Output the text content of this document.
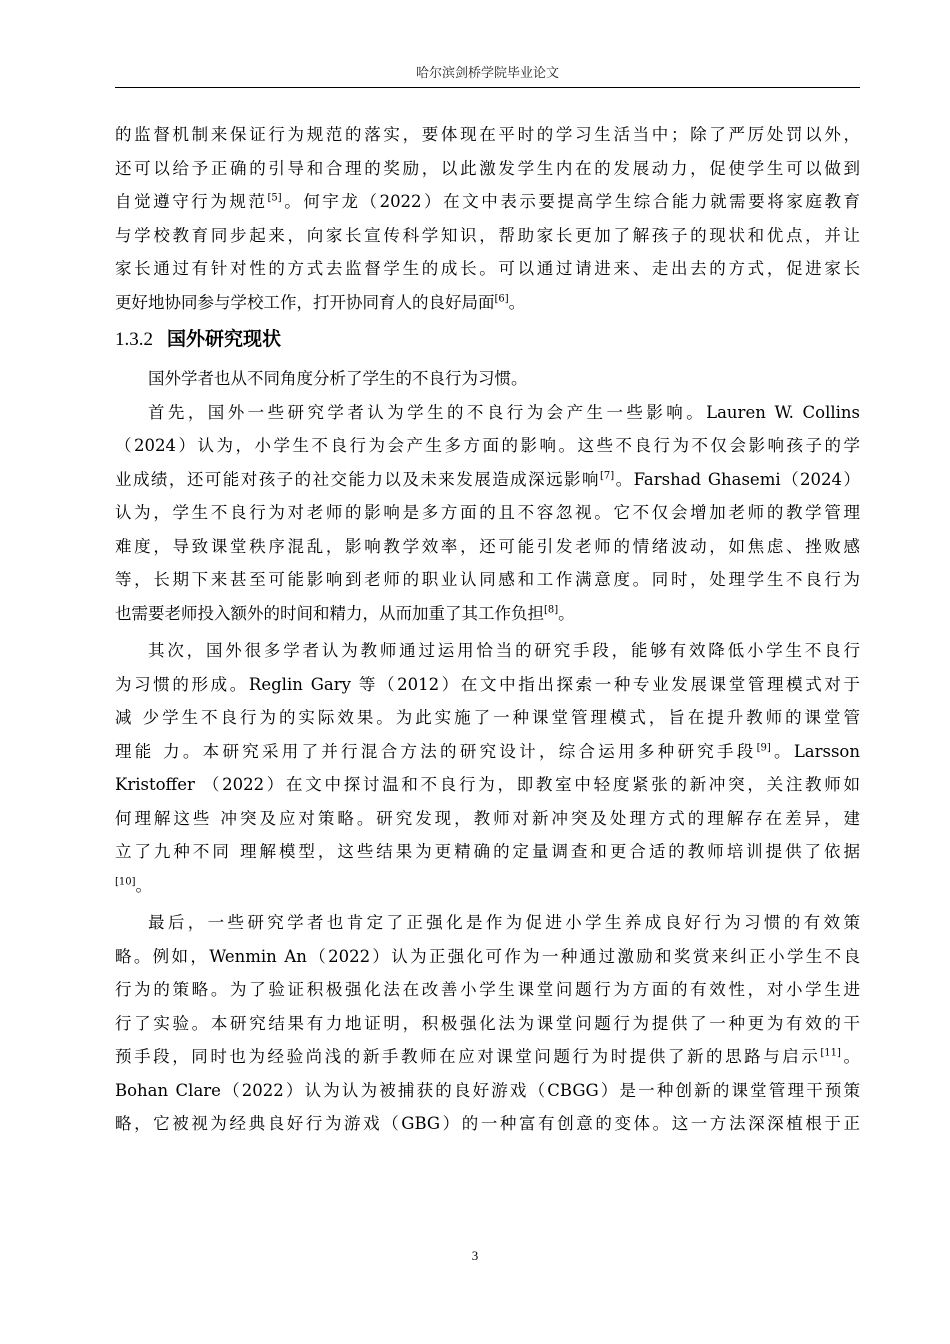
哈尔滨剑桥学院毕业论文
的监督机制来保证行为规范的落实，要体现在平时的学习生活当中；除了严厉处罚以外，
还可以给予正确的引导和合理的奖励，以此激发学生内在的发展动力，促使学生可以做到
自觉遵守行为规范[5]。何宇龙（2022）在文中表示要提高学生综合能力就需要将家庭教育
与学校教育同步起来，向家长宣传科学知识，帮助家长更加了解孩子的现状和优点，并让
家长通过有针对性的方式去监督学生的成长。可以通过请进来、走出去的方式，促进家长
更好地协同参与学校工作，打开协同育人的良好局面[6]。
1.3.2 国外研究现状
国外学者也从不同角度分析了学生的不良行为习惯。
首先，国外一些研究学者认为学生的不良行为会产生一些影响。Lauren W. Collins
（2024）认为，小学生不良行为会产生多方面的影响。这些不良行为不仅会影响孩子的学
业成绩，还可能对孩子的社交能力以及未来发展造成深远影响[7]。Farshad Ghasemi（2024）
认为，学生不良行为对老师的影响是多方面的且不容忽视。它不仅会增加老师的教学管理
难度，导致课堂秩序混乱，影响教学效率，还可能引发老师的情绪波动，如焦虑、挫败感
等，长期下来甚至可能影响到老师的职业认同感和工作满意度。同时，处理学生不良行为
也需要老师投入额外的时间和精力，从而加重了其工作负担[8]。
其次，国外很多学者认为教师通过运用恰当的研究手段，能够有效降低小学生不良行
为习惯的形成。Reglin Gary 等（2012）在文中指出探索一种专业发展课堂管理模式对于
减 少学生不良行为的实际效果。为此实施了一种课堂管理模式，旨在提升教师的课堂管
理能 力。本研究采用了并行混合方法的研究设计，综合运用多种研究手段[9]。Larsson
Kristoffer （2022）在文中探讨温和不良行为，即教室中轻度紧张的新冲突，关注教师如
何理解这些 冲突及应对策略。研究发现，教师对新冲突及处理方式的理解存在差异，建
立了九种不同 理解模型，这些结果为更精确的定量调查和更合适的教师培训提供了依据
[10]。
最后，一些研究学者也肯定了正强化是作为促进小学生养成良好行为习惯的有效策
略。例如，Wenmin An（2022）认为正强化可作为一种通过激励和奖赏来纠正小学生不良
行为的策略。为了验证积极强化法在改善小学生课堂问题行为方面的有效性，对小学生进
行了实验。本研究结果有力地证明，积极强化法为课堂问题行为提供了一种更为有效的干
预手段，同时也为经验尚浅的新手教师在应对课堂问题行为时提供了新的思路与启示[11]。
Bohan Clare（2022）认为认为被捕获的良好游戏（CBGG）是一种创新的课堂管理干预策
略，它被视为经典良好行为游戏（GBG）的一种富有创意的变体。这一方法深深植根于正
3
